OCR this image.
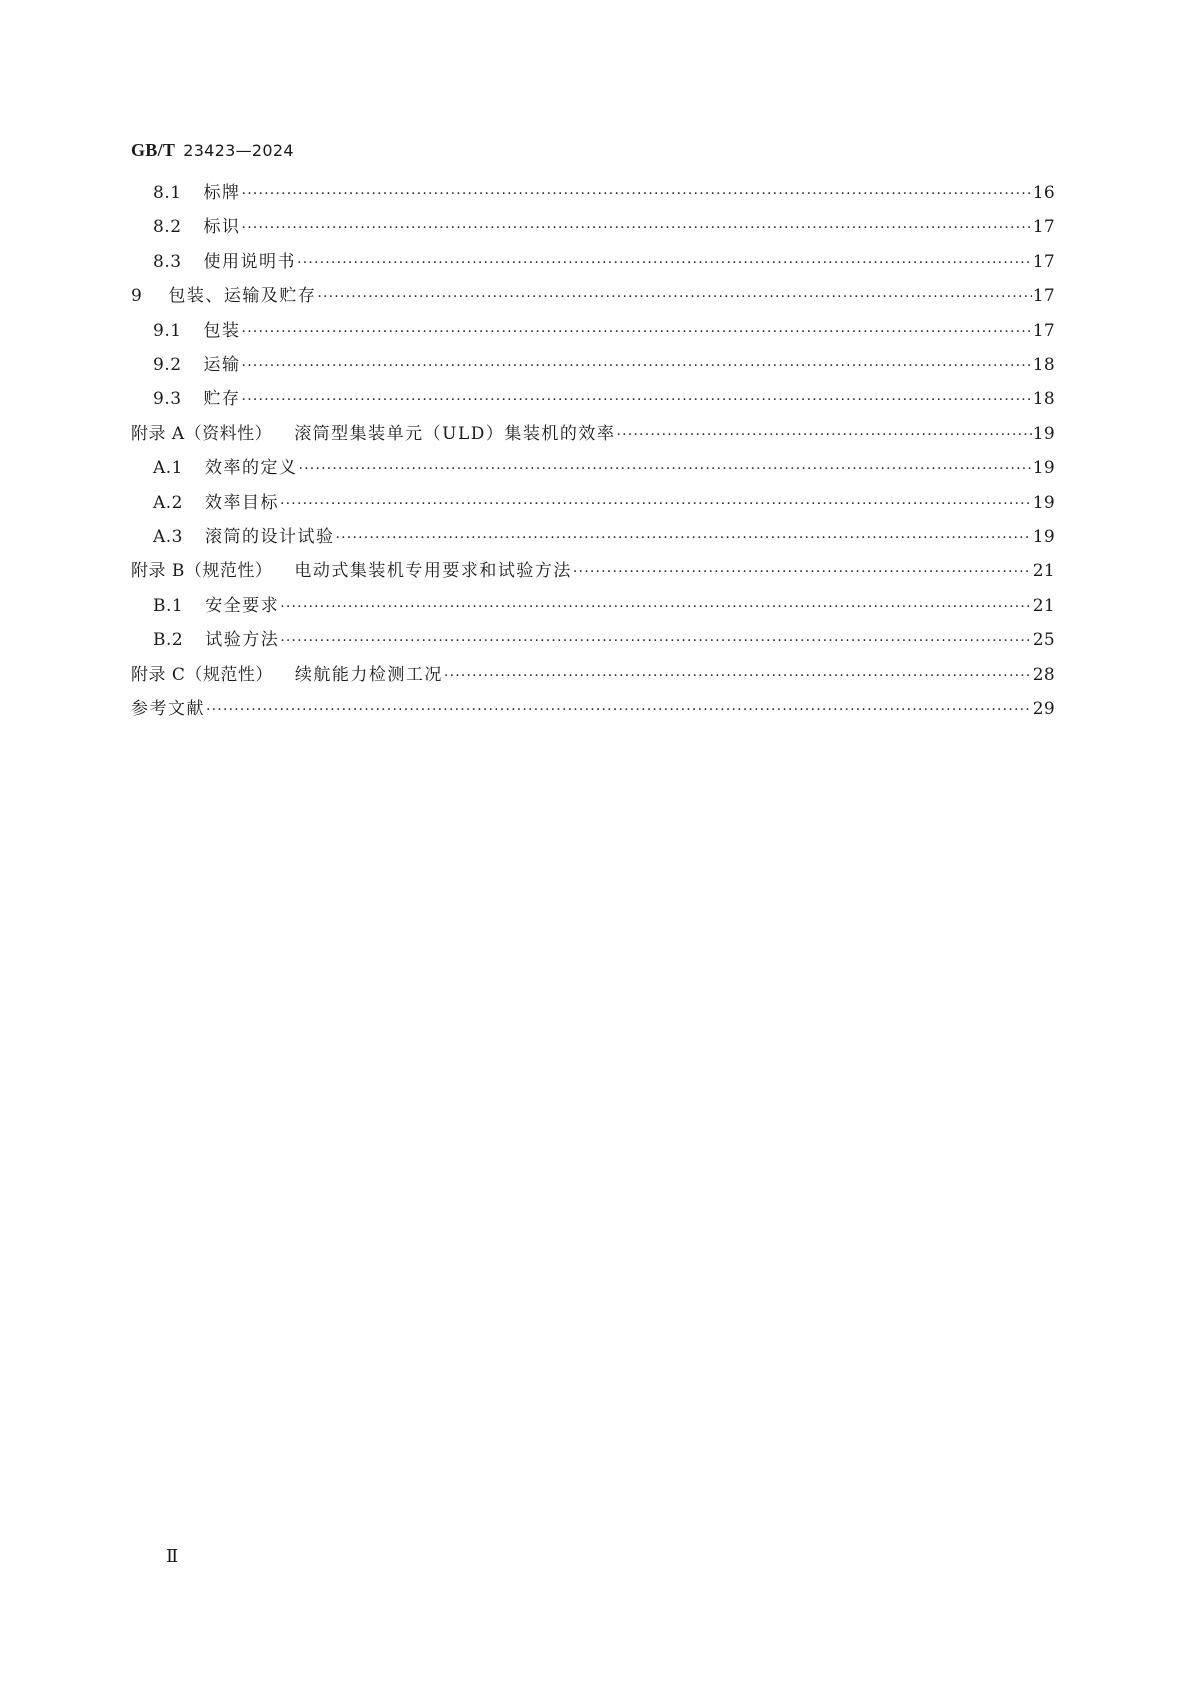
GB/T 23423—2024
8.1 标牌 ·····	16
8.2 标识 ·····	17
8.3 使用说明书 ·····	17
9 包装、运输及贮存 ·····	17
9.1 包装 ·····	17
9.2 运输 ·····	18
9.3 贮存 ·····	18
附录 A（资料性） 滚筒型集装单元（ULD）集装机的效率 ·····	19
A.1 效率的定义 ·····	19
A.2 效率目标 ·····	19
A.3 滚筒的设计试验 ·····	19
附录 B（规范性） 电动式集装机专用要求和试验方法 ·····	21
B.1 安全要求 ·····	21
B.2 试验方法 ·····	25
附录 C（规范性） 续航能力检测工况 ·····	28
参考文献 ·····	29
Ⅱ
